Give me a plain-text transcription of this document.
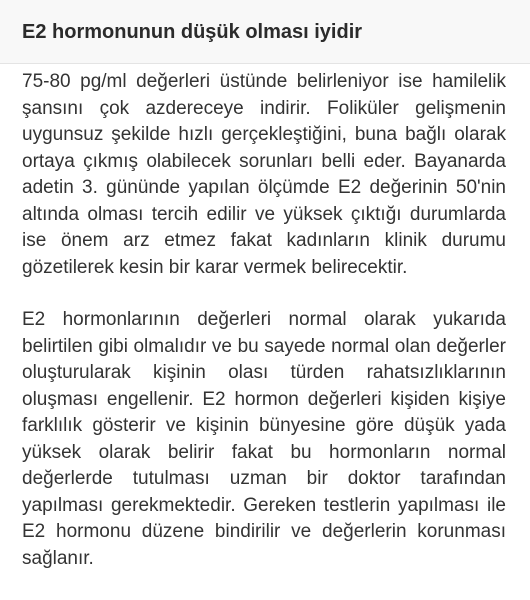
E2 hormonunun düşük olması iyidir

75-80 pg/ml değerleri üstünde belirleniyor ise hamilelik şansını çok azdereceye indirir. Foliküler gelişmenin uygunsuz şekilde hızlı gerçekleştiğini, buna bağlı olarak ortaya çıkmış olabilecek sorunları belli eder. Bayanarda adetin 3. gününde yapılan ölçümde E2 değerinin 50'nin altında olması tercih edilir ve yüksek çıktığı durumlarda ise önem arz etmez fakat kadınların klinik durumu gözetilerek kesin bir karar vermek belirecektir.

E2 hormonlarının değerleri normal olarak yukarıda belirtilen gibi olmalıdır ve bu sayede normal olan değerler oluşturularak kişinin olası türden rahatsızlıklarının oluşması engellenir. E2 hormon değerleri kişiden kişiye farklılık gösterir ve kişinin bünyesine göre düşük yada yüksek olarak belirir fakat bu hormonların normal değerlerde tutulması uzman bir doktor tarafından yapılması gerekmektedir. Gereken testlerin yapılması ile E2 hormonu düzene bindirilir ve değerlerin korunması sağlanır.
